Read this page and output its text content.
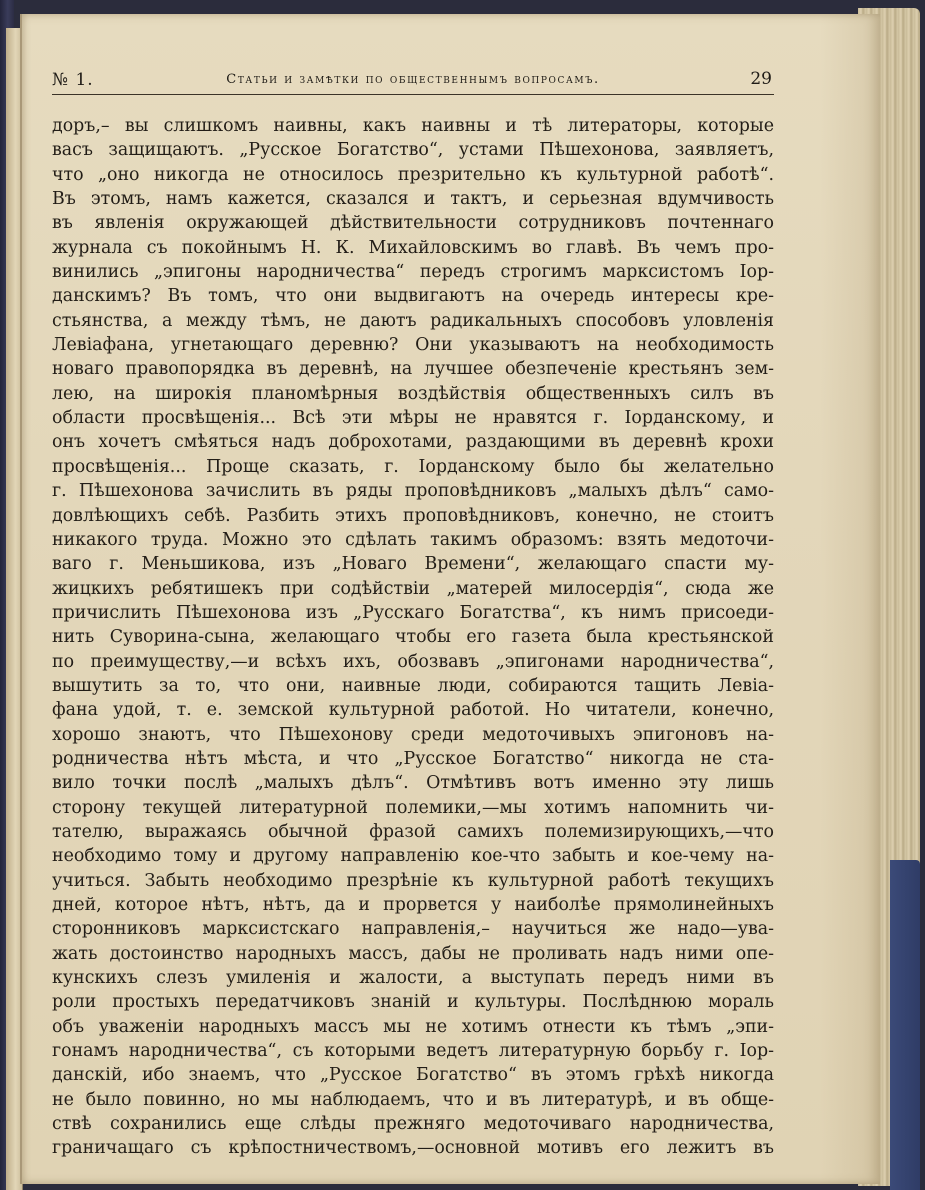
№ 1.	Статьи и замѣтки по общественнымъ вопросамъ.	29
доръ,– вы слишкомъ наивны, какъ наивны и тѣ литераторы, которые
васъ защищаютъ. „Русское Богатство“, устами Пѣшехонова, заявляетъ,
что „оно никогда не относилось презрительно къ культурной работѣ“.
Въ этомъ, намъ кажется, сказался и тактъ, и серьезная вдумчивость
въ явленія окружающей дѣйствительности сотрудниковъ почтеннаго
журнала съ покойнымъ Н. К. Михайловскимъ во главѣ. Въ чемъ про-
винились „эпигоны народничества“ передъ строгимъ марксистомъ Іор-
данскимъ? Въ томъ, что они выдвигаютъ на очередь интересы кре-
стьянства, а между тѣмъ, не даютъ радикальныхъ способовъ уловленія
Левіафана, угнетающаго деревню? Они указываютъ на необходимость
новаго правопорядка въ деревнѣ, на лучшее обезпеченіе крестьянъ зем-
лею, на широкія планомѣрныя воздѣйствія общественныхъ силъ въ
области просвѣщенія... Всѣ эти мѣры не нравятся г. Іорданскому, и
онъ хочетъ смѣяться надъ доброхотами, раздающими въ деревнѣ крохи
просвѣщенія... Проще сказать, г. Іорданскому было бы желательно
г. Пѣшехонова зачислить въ ряды проповѣдниковъ „малыхъ дѣлъ“ само-
довлѣющихъ себѣ. Разбить этихъ проповѣдниковъ, конечно, не стоитъ
никакого труда. Можно это сдѣлать такимъ образомъ: взять медоточи-
ваго г. Меньшикова, изъ „Новаго Времени“, желающаго спасти му-
жицкихъ ребятишекъ при содѣйствіи „матерей милосердія“, сюда же
причислить Пѣшехонова изъ „Русскаго Богатства“, къ нимъ присоеди-
нить Суворина-сына, желающаго чтобы его газета была крестьянской
по преимуществу,—и всѣхъ ихъ, обозвавъ „эпигонами народничества“,
вышутить за то, что они, наивные люди, собираются тащить Левіа-
фана удой, т. е. земской культурной работой. Но читатели, конечно,
хорошо знаютъ, что Пѣшехонову среди медоточивыхъ эпигоновъ на-
родничества нѣтъ мѣста, и что „Русское Богатство“ никогда не ста-
вило точки послѣ „малыхъ дѣлъ“. Отмѣтивъ вотъ именно эту лишь
сторону текущей литературной полемики,—мы хотимъ напомнить чи-
тателю, выражаясь обычной фразой самихъ полемизирующихъ,—что
необходимо тому и другому направленію кое-что забыть и кое-чему на-
учиться. Забыть необходимо презрѣніе къ культурной работѣ текущихъ
дней, которое нѣтъ, нѣтъ, да и прорвется у наиболѣе прямолинейныхъ
сторонниковъ марксистскаго направленія,– научиться же надо—ува-
жать достоинство народныхъ массъ, дабы не проливать надъ ними опе-
кунскихъ слезъ умиленія и жалости, а выступать передъ ними въ
роли простыхъ передатчиковъ знаній и культуры. Послѣднюю мораль
объ уваженіи народныхъ массъ мы не хотимъ отнести къ тѣмъ „эпи-
гонамъ народничества“, съ которыми ведетъ литературную борьбу г. Іор-
данскій, ибо знаемъ, что „Русское Богатство“ въ этомъ грѣхѣ никогда
не было повинно, но мы наблюдаемъ, что и въ литературѣ, и въ обще-
ствѣ сохранились еще слѣды прежняго медоточиваго народничества,
граничащаго съ крѣпостничествомъ,—основной мотивъ его лежитъ въ
